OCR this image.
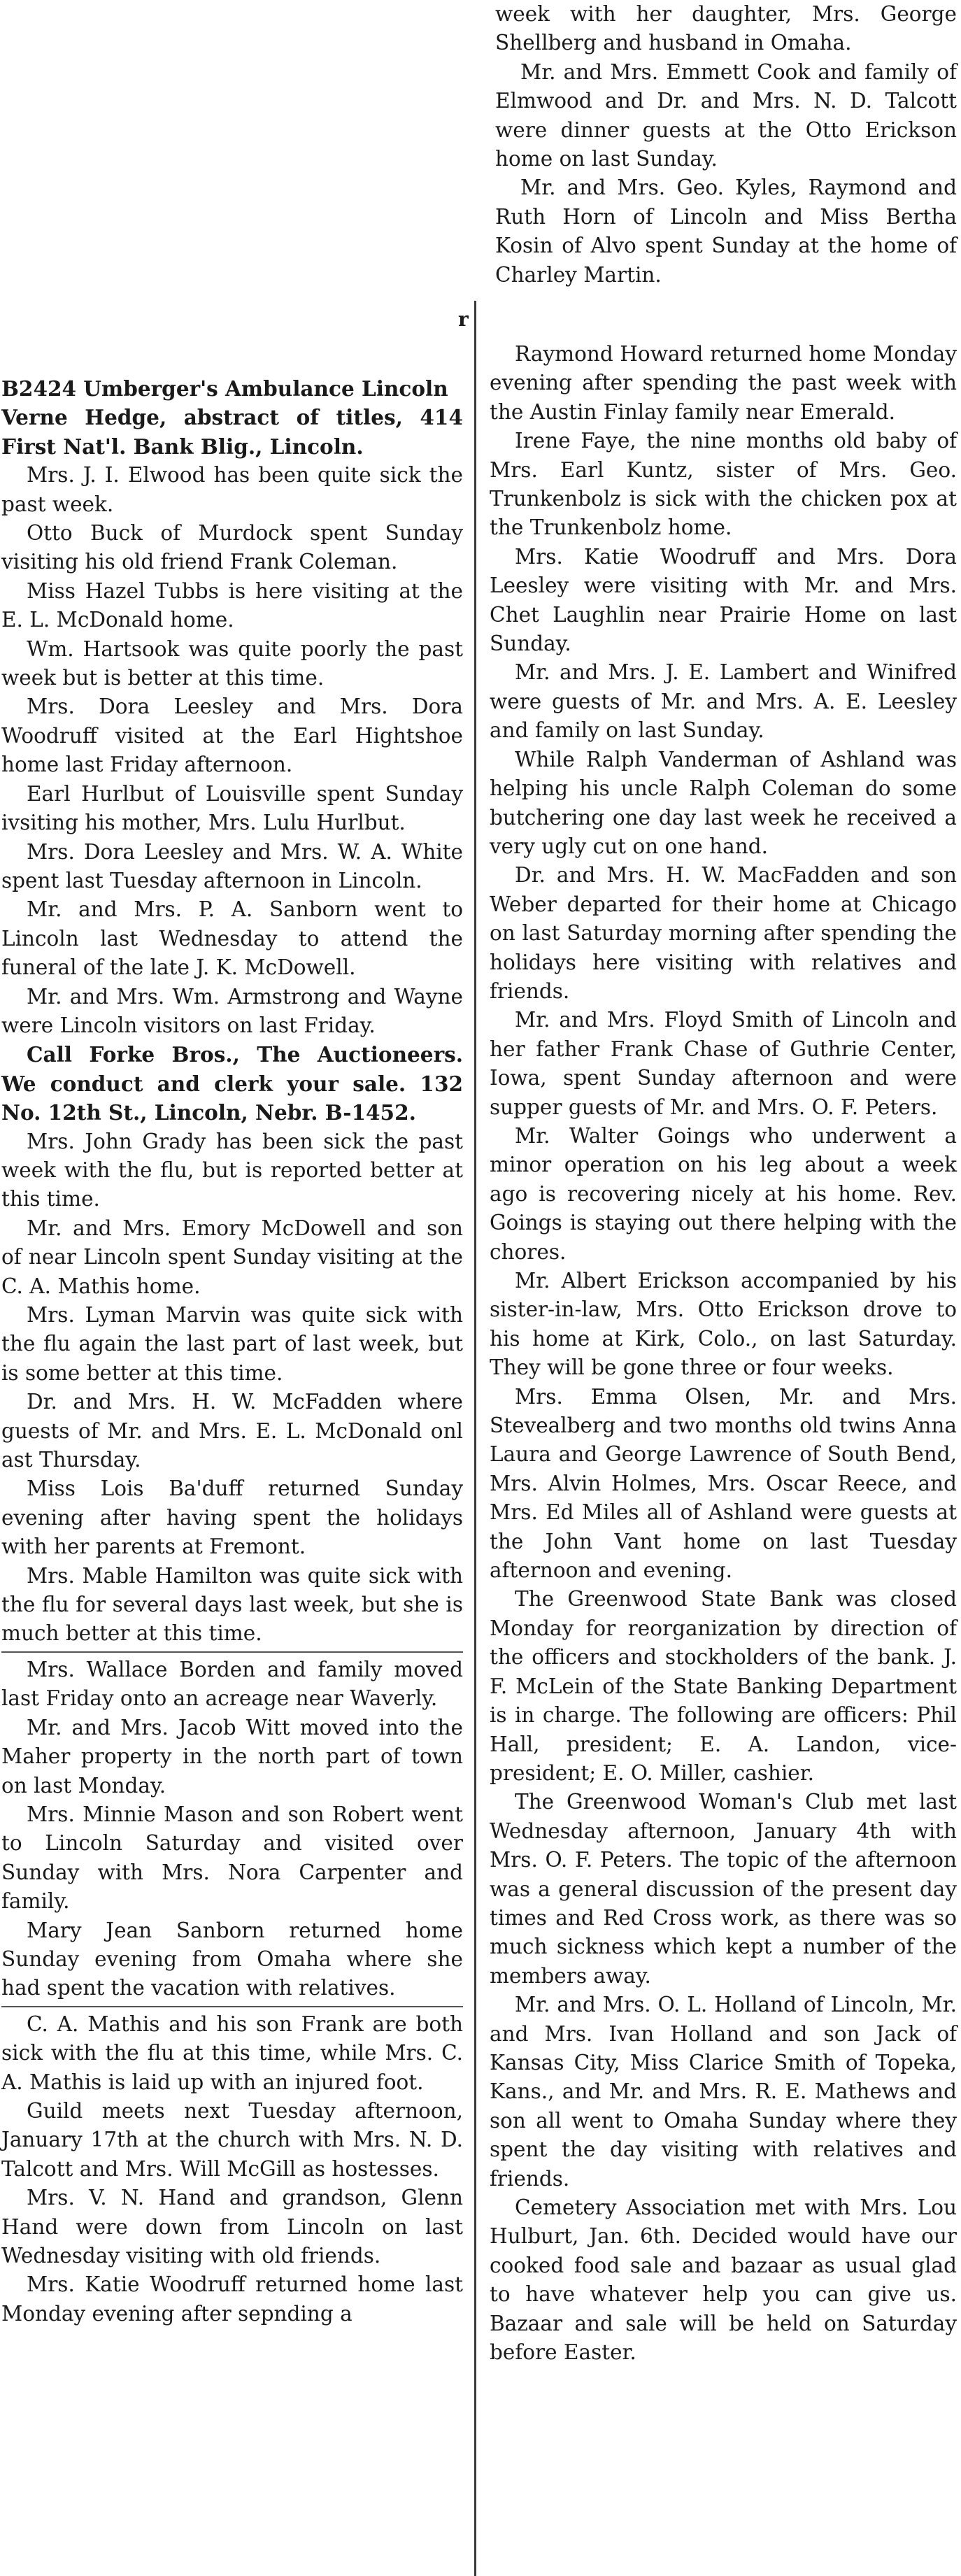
r

week with her daughter, Mrs. George Shellberg and husband in Omaha.

Mr. and Mrs. Emmett Cook and family of Elmwood and Dr. and Mrs. N. D. Talcott were dinner guests at the Otto Erickson home on last Sunday.

Mr. and Mrs. Geo. Kyles, Raymond and Ruth Horn of Lincoln and Miss Bertha Kosin of Alvo spent Sunday at the home of Charley Martin.

B2424 Umberger's Ambulance Lincoln

Verne Hedge, abstract of titles, 414 First Nat'l. Bank Blig., Lincoln.

Mrs. J. I. Elwood has been quite sick the past week.

Otto Buck of Murdock spent Sunday visiting his old friend Frank Coleman.

Miss Hazel Tubbs is here visiting at the E. L. McDonald home.

Wm. Hartsook was quite poorly the past week but is better at this time.

Mrs. Dora Leesley and Mrs. Dora Woodruff visited at the Earl Hightshoe home last Friday afternoon.

Earl Hurlbut of Louisville spent Sunday ivsiting his mother, Mrs. Lulu Hurlbut.

Mrs. Dora Leesley and Mrs. W. A. White spent last Tuesday afternoon in Lincoln.

Mr. and Mrs. P. A. Sanborn went to Lincoln last Wednesday to attend the funeral of the late J. K. McDowell.

Mr. and Mrs. Wm. Armstrong and Wayne were Lincoln visitors on last Friday.

Call Forke Bros., The Auctioneers. We conduct and clerk your sale. 132 No. 12th St., Lincoln, Nebr. B-1452.

Mrs. John Grady has been sick the past week with the flu, but is reported better at this time.

Mr. and Mrs. Emory McDowell and son of near Lincoln spent Sunday visiting at the C. A. Mathis home.

Mrs. Lyman Marvin was quite sick with the flu again the last part of last week, but is some better at this time.

Dr. and Mrs. H. W. McFadden where guests of Mr. and Mrs. E. L. McDonald onl ast Thursday.

Miss Lois Ba'duff returned Sunday evening after having spent the holidays with her parents at Fremont.

Mrs. Mable Hamilton was quite sick with the flu for several days last week, but she is much better at this time.

Mrs. Wallace Borden and family moved last Friday onto an acreage near Waverly.

Mr. and Mrs. Jacob Witt moved into the Maher property in the north part of town on last Monday.

Mrs. Minnie Mason and son Robert went to Lincoln Saturday and visited over Sunday with Mrs. Nora Carpenter and family.

Mary Jean Sanborn returned home Sunday evening from Omaha where she had spent the vacation with relatives.

C. A. Mathis and his son Frank are both sick with the flu at this time, while Mrs. C. A. Mathis is laid up with an injured foot.

Guild meets next Tuesday afternoon, January 17th at the church with Mrs. N. D. Talcott and Mrs. Will McGill as hostesses.

Mrs. V. N. Hand and grandson, Glenn Hand were down from Lincoln on last Wednesday visiting with old friends.

Mrs. Katie Woodruff returned home last Monday evening after sepnding a

Raymond Howard returned home Monday evening after spending the past week with the Austin Finlay family near Emerald.

Irene Faye, the nine months old baby of Mrs. Earl Kuntz, sister of Mrs. Geo. Trunkenbolz is sick with the chicken pox at the Trunkenbolz home.

Mrs. Katie Woodruff and Mrs. Dora Leesley were visiting with Mr. and Mrs. Chet Laughlin near Prairie Home on last Sunday.

Mr. and Mrs. J. E. Lambert and Winifred were guests of Mr. and Mrs. A. E. Leesley and family on last Sunday.

While Ralph Vanderman of Ashland was helping his uncle Ralph Coleman do some butchering one day last week he received a very ugly cut on one hand.

Dr. and Mrs. H. W. MacFadden and son Weber departed for their home at Chicago on last Saturday morning after spending the holidays here visiting with relatives and friends.

Mr. and Mrs. Floyd Smith of Lincoln and her father Frank Chase of Guthrie Center, Iowa, spent Sunday afternoon and were supper guests of Mr. and Mrs. O. F. Peters.

Mr. Walter Goings who underwent a minor operation on his leg about a week ago is recovering nicely at his home. Rev. Goings is staying out there helping with the chores.

Mr. Albert Erickson accompanied by his sister-in-law, Mrs. Otto Erickson drove to his home at Kirk, Colo., on last Saturday. They will be gone three or four weeks.

Mrs. Emma Olsen, Mr. and Mrs. Stevealberg and two months old twins Anna Laura and George Lawrence of South Bend, Mrs. Alvin Holmes, Mrs. Oscar Reece, and Mrs. Ed Miles all of Ashland were guests at the John Vant home on last Tuesday afternoon and evening.

The Greenwood State Bank was closed Monday for reorganization by direction of the officers and stockholders of the bank. J. F. McLein of the State Banking Department is in charge. The following are officers: Phil Hall, president; E. A. Landon, vice-president; E. O. Miller, cashier.

The Greenwood Woman's Club met last Wednesday afternoon, January 4th with Mrs. O. F. Peters. The topic of the afternoon was a general discussion of the present day times and Red Cross work, as there was so much sickness which kept a number of the members away.

Mr. and Mrs. O. L. Holland of Lincoln, Mr. and Mrs. Ivan Holland and son Jack of Kansas City, Miss Clarice Smith of Topeka, Kans., and Mr. and Mrs. R. E. Mathews and son all went to Omaha Sunday where they spent the day visiting with relatives and friends.

Cemetery Association met with Mrs. Lou Hulburt, Jan. 6th. Decided would have our cooked food sale and bazaar as usual glad to have whatever help you can give us. Bazaar and sale will be held on Saturday before Easter.
